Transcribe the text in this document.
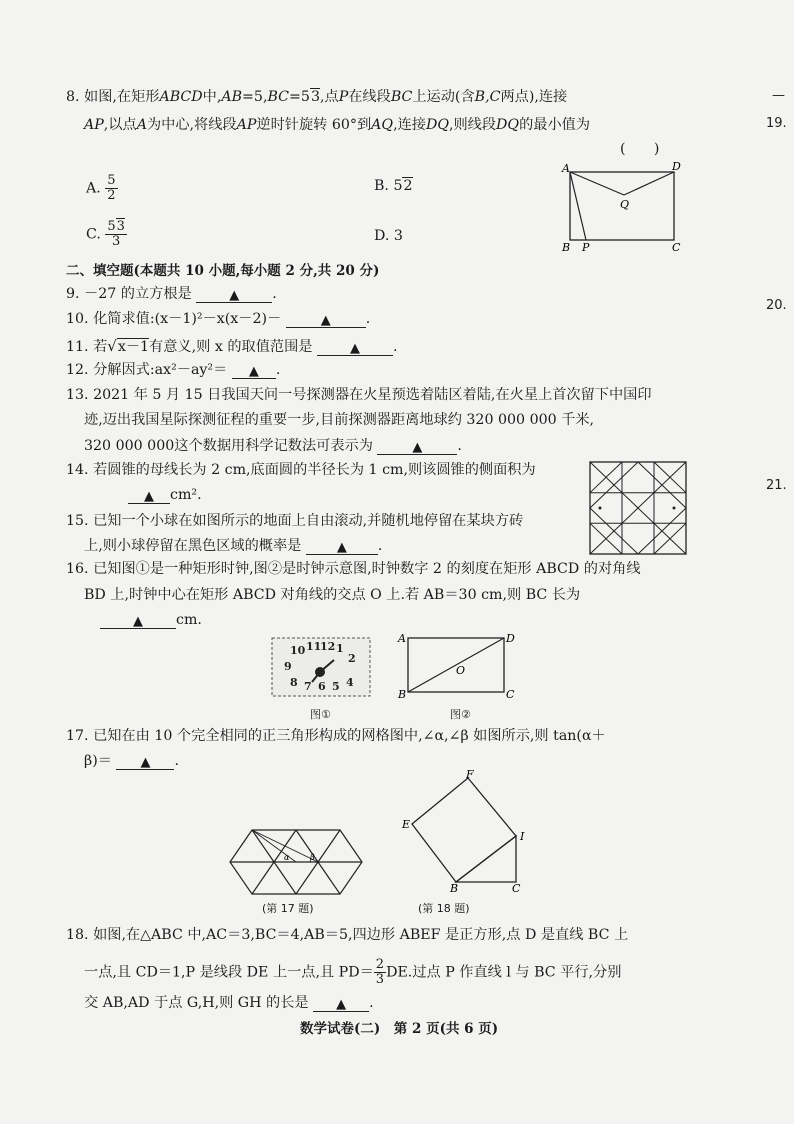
—
19.
20.
21.
8. 如图,在矩形ABCD中,AB=5,BC=53,点P在线段BC上运动(含B,C两点),连接
AP,以点A为中心,将线段AP逆时针旋转 60°到AQ,连接DQ,则线段DQ的最小值为
(　　)
A. $\frac{5}{2}$	B. 52
C. $\frac{53}{3}$	D. 3
A	D
Q
B P	C
二、填空题(本题共 10 小题,每小题 2 分,共 20 分)
9. －27 的立方根是 ▲	.
10. 化简求值:(x－1)²－x(x－2)－ ▲	.
11. 若√x－1有意义,则 x 的取值范围是 ▲	.
12. 分解因式:ax²－ay²＝ ▲	.
13. 2021 年 5 月 15 日我国天问一号探测器在火星预选着陆区着陆,在火星上首次留下中国印
迹,迈出我国星际探测征程的重要一步,目前探测器距离地球约 320 000 000 千米,
320 000 000这个数据用科学记数法可表示为 ▲	.
14. 若圆锥的母线长为 2 cm,底面圆的半径长为 1 cm,则该圆锥的侧面积为
▲cm².
15. 已知一个小球在如图所示的地面上自由滚动,并随机地停留在某块方砖
上,则小球停留在黑色区域的概率是 ▲	.
16. 已知图①是一种矩形时钟,图②是时钟示意图,时钟数字 2 的刻度在矩形 ABCD 的对角线
BD 上,时钟中心在矩形 ABCD 对角线的交点 O 上.若 AB＝30 cm,则 BC 长为
▲cm.
10 11
12 1
2
9
8 7 6 5 4
图①
A	D
O
B	C
图②
17. 已知在由 10 个完全相同的正三角形构成的网格图中,∠α,∠β 如图所示,则 tan(α＋
β)＝ ▲	.
α	β
(第 17 题)
F
E
I
B	C
(第 18 题)
18. 如图,在△ABC 中,AC＝3,BC＝4,AB＝5,四边形 ABEF 是正方形,点 D 是直线 BC 上
一点,且 CD＝1,P 是线段 DE 上一点,且 $PD= \frac{2}{3}$ DE.过点 P 作直线 l 与 BC 平行,分别
交 AB,AD 于点 G,H,则 GH 的长是 ▲	.
数学试卷(二)　第 2 页(共 6 页)
